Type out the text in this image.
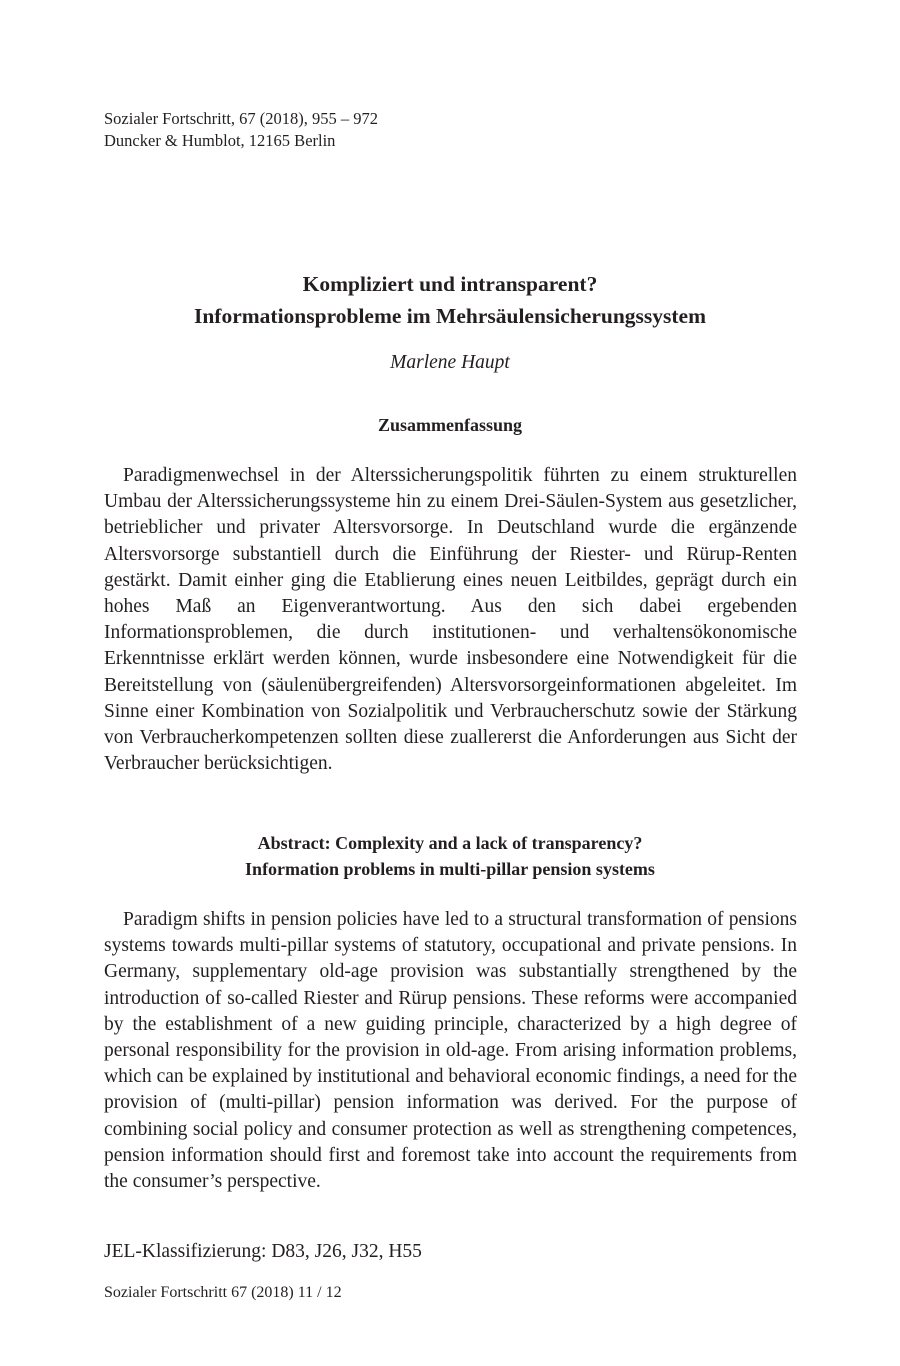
Sozialer Fortschritt, 67 (2018), 955 – 972
Duncker & Humblot, 12165 Berlin
Kompliziert und intransparent?
Informationsprobleme im Mehrsäulensicherungssystem
Marlene Haupt
Zusammenfassung

Paradigmenwechsel in der Alterssicherungspolitik führten zu einem strukturellen Umbau der Alterssicherungssysteme hin zu einem Drei-Säulen-System aus gesetzlicher, betrieblicher und privater Altersvorsorge. In Deutschland wurde die ergänzende Altersvorsorge substantiell durch die Einführung der Riester- und Rürup-Renten gestärkt. Damit einher ging die Etablierung eines neuen Leitbildes, geprägt durch ein hohes Maß an Eigenverantwortung. Aus den sich dabei ergebenden Informationsproblemen, die durch institutionen- und verhaltensökonomische Erkenntnisse erklärt werden können, wurde insbesondere eine Notwendigkeit für die Bereitstellung von (säulenübergreifenden) Altersvorsorgeinformationen abgeleitet. Im Sinne einer Kombination von Sozialpolitik und Verbraucherschutz sowie der Stärkung von Verbraucherkompetenzen sollten diese zuallererst die Anforderungen aus Sicht der Verbraucher berücksichtigen.

Abstract: Complexity and a lack of transparency?
Information problems in multi-pillar pension systems

Paradigm shifts in pension policies have led to a structural transformation of pensions systems towards multi-pillar systems of statutory, occupational and private pensions. In Germany, supplementary old-age provision was substantially strengthened by the introduction of so-called Riester and Rürup pensions. These reforms were accompanied by the establishment of a new guiding principle, characterized by a high degree of personal responsibility for the provision in old-age. From arising information problems, which can be explained by institutional and behavioral economic findings, a need for the provision of (multi-pillar) pension information was derived. For the purpose of combining social policy and consumer protection as well as strengthening competences, pension information should first and foremost take into account the requirements from the consumer’s perspective.

JEL-Klassifizierung: D83, J26, J32, H55
Sozialer Fortschritt 67 (2018) 11 / 12
